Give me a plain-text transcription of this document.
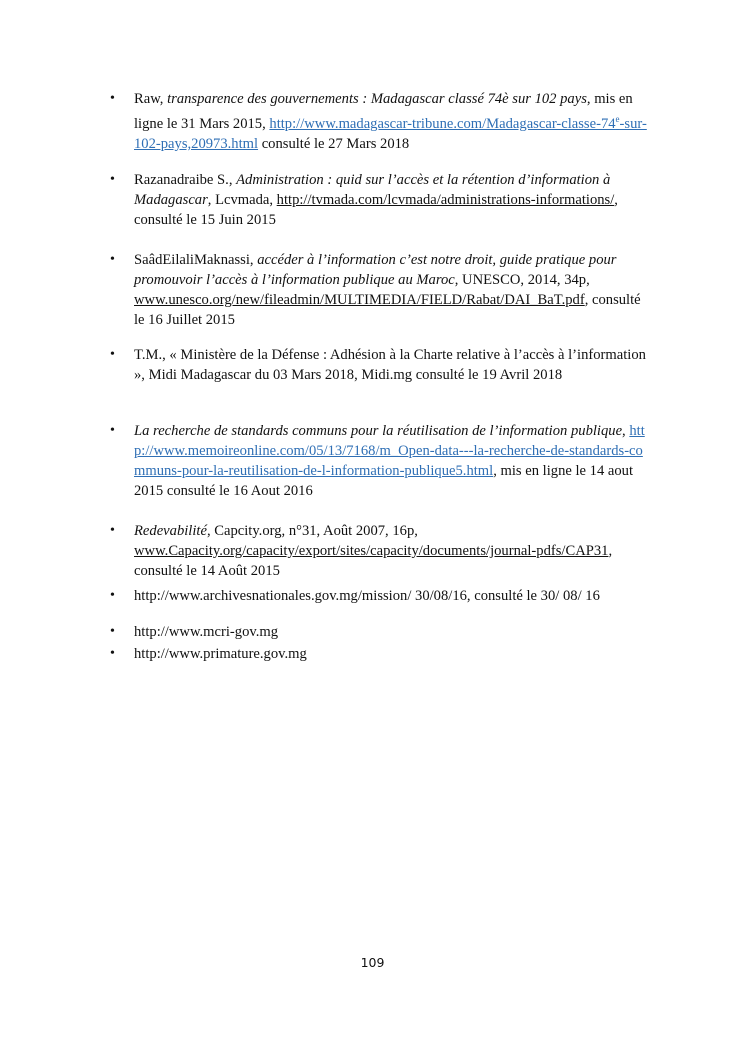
• Raw, transparence des gouvernements : Madagascar classé 74è sur 102 pays, mis en ligne le 31 Mars 2015, http://www.madagascar-tribune.com/Madagascar-classe-74e-sur-102-pays,20973.html consulté le 27 Mars 2018
• Razanadraibe S., Administration : quid sur l’accès et la rétention d’information à Madagascar, Lcvmada, http://tvmada.com/lcvmada/administrations-informations/, consulté le 15 Juin 2015
• SaâdEilaliMaknassi, accéder à l’information c’est notre droit, guide pratique pour promouvoir l’accès à l’information publique au Maroc, UNESCO, 2014, 34p, www.unesco.org/new/fileadmin/MULTIMEDIA/FIELD/Rabat/DAI_BaT.pdf, consulté le 16 Juillet 2015
• T.M., « Ministère de la Défense : Adhésion à la Charte relative à l’accès à l’information », Midi Madagascar du 03 Mars 2018, Midi.mg consulté le 19 Avril 2018
• La recherche de standards communs pour la réutilisation de l’information publique, http://www.memoireonline.com/05/13/7168/m_Open-data---la-recherche-de-standards-communs-pour-la-reutilisation-de-l-information-publique5.html, mis en ligne le 14 aout 2015 consulté le 16 Aout 2016
• Redevabilité, Capcity.org, n°31, Août 2007, 16p, www.Capacity.org/capacity/export/sites/capacity/documents/journal-pdfs/CAP31, consulté le 14 Août 2015
• http://www.archivesnationales.gov.mg/mission/ 30/08/16, consulté le 30/ 08/ 16
• http://www.mcri-gov.mg
• http://www.primature.gov.mg
109
